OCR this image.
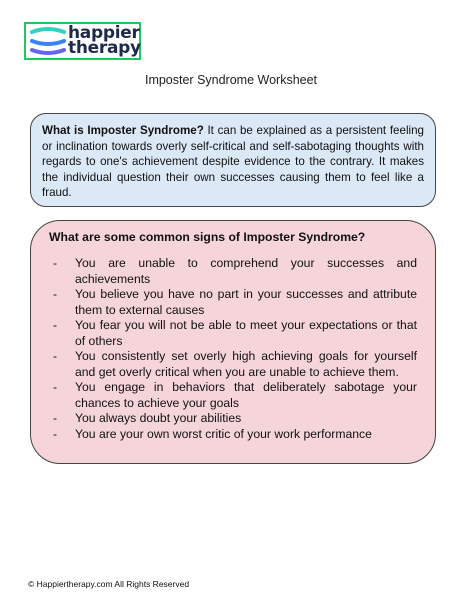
happier
therapy
Imposter Syndrome Worksheet
What is Imposter Syndrome? It can be explained as a persistent feeling or inclination towards overly self-critical and self-sabotaging thoughts with regards to one's achievement despite evidence to the contrary. It makes the individual question their own successes causing them to feel like a fraud.
What are some common signs of Imposter Syndrome?
-	You are unable to comprehend your successes and achievements
-	You believe you have no part in your successes and attribute them to external causes
-	You fear you will not be able to meet your expectations or that of others
-	You consistently set overly high achieving goals for yourself and get overly critical when you are unable to achieve them.
-	You engage in behaviors that deliberately sabotage your chances to achieve your goals
-	You always doubt your abilities
-	You are your own worst critic of your work performance
© Happiertherapy.com All Rights Reserved
